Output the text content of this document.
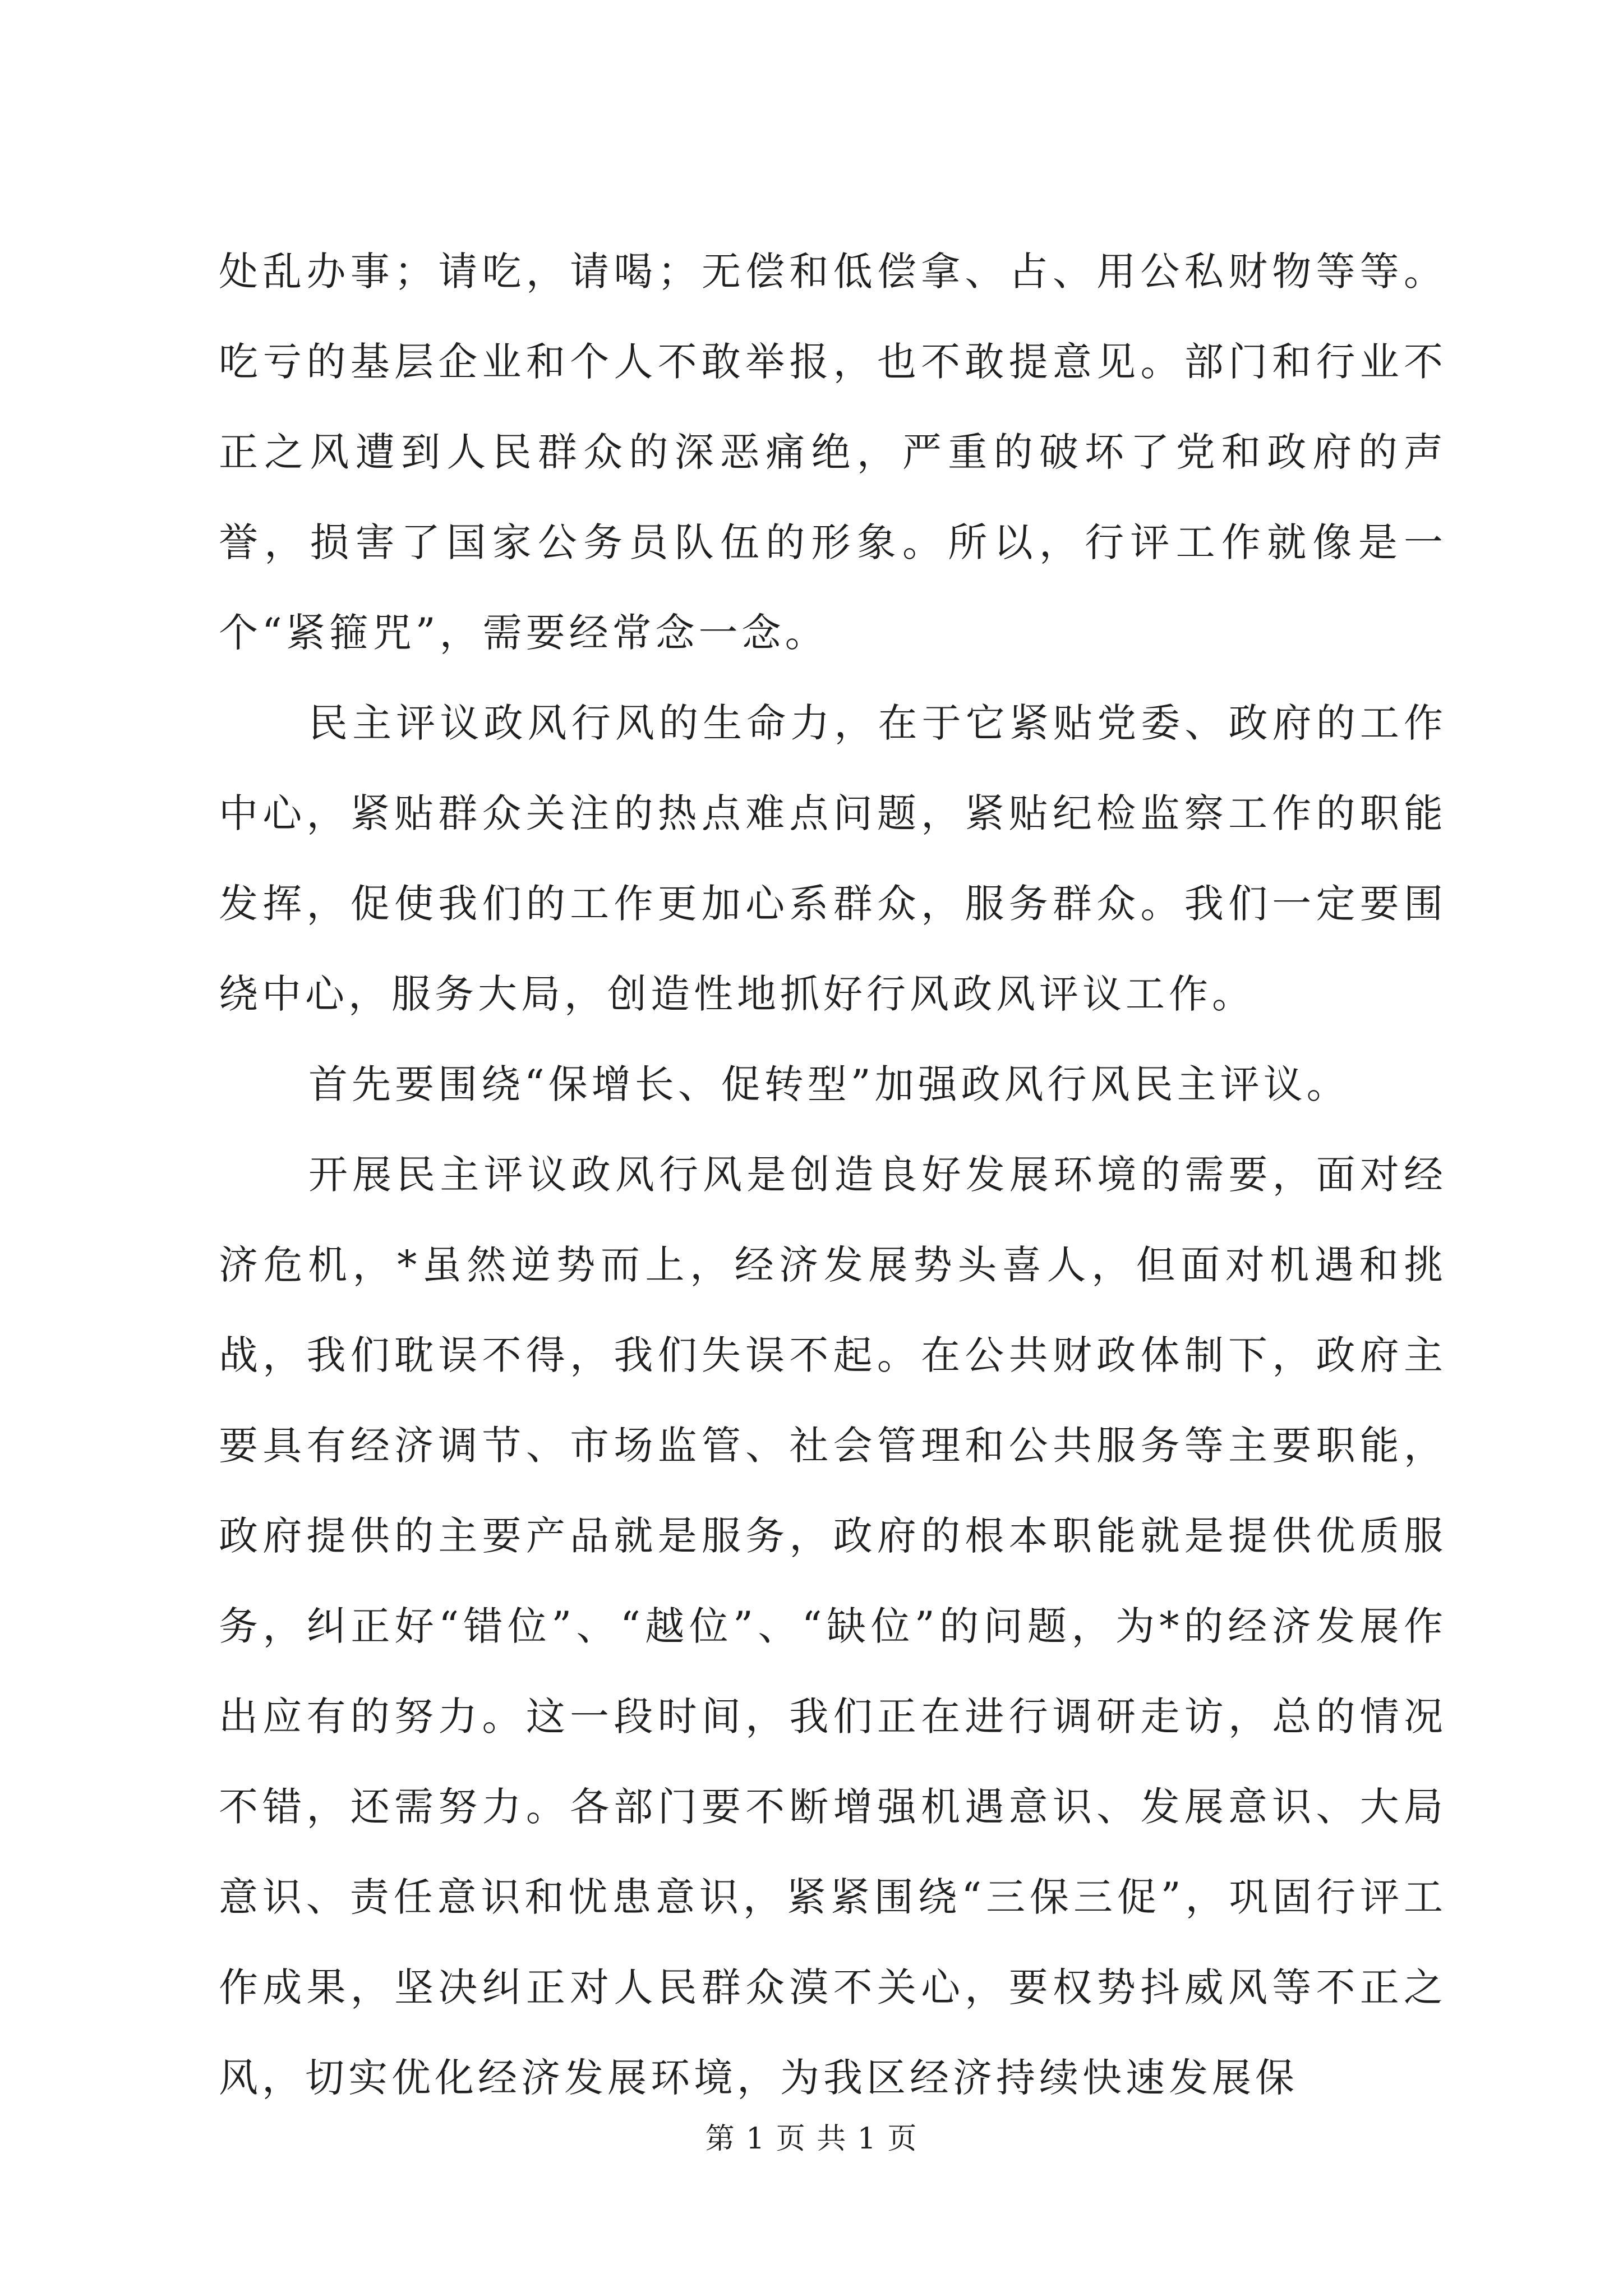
处乱办事；请吃，请喝；无偿和低偿拿、占、用公私财物等等。吃亏的基层企业和个人不敢举报，也不敢提意见。部门和行业不正之风遭到人民群众的深恶痛绝，严重的破坏了党和政府的声誉，损害了国家公务员队伍的形象。所以，行评工作就像是一个“紧箍咒”，需要经常念一念。

民主评议政风行风的生命力，在于它紧贴党委、政府的工作中心，紧贴群众关注的热点难点问题，紧贴纪检监察工作的职能发挥，促使我们的工作更加心系群众，服务群众。我们一定要围绕中心，服务大局，创造性地抓好行风政风评议工作。

首先要围绕“保增长、促转型”加强政风行风民主评议。

开展民主评议政风行风是创造良好发展环境的需要，面对经济危机，*虽然逆势而上，经济发展势头喜人，但面对机遇和挑战，我们耽误不得，我们失误不起。在公共财政体制下，政府主要具有经济调节、市场监管、社会管理和公共服务等主要职能，政府提供的主要产品就是服务，政府的根本职能就是提供优质服务，纠正好“错位”、“越位”、“缺位”的问题，为*的经济发展作出应有的努力。这一段时间，我们正在进行调研走访，总的情况不错，还需努力。各部门要不断增强机遇意识、发展意识、大局意识、责任意识和忧患意识，紧紧围绕“三保三促”，巩固行评工作成果，坚决纠正对人民群众漠不关心，要权势抖威风等不正之风，切实优化经济发展环境，为我区经济持续快速发展保

第 1 页 共 1 页
